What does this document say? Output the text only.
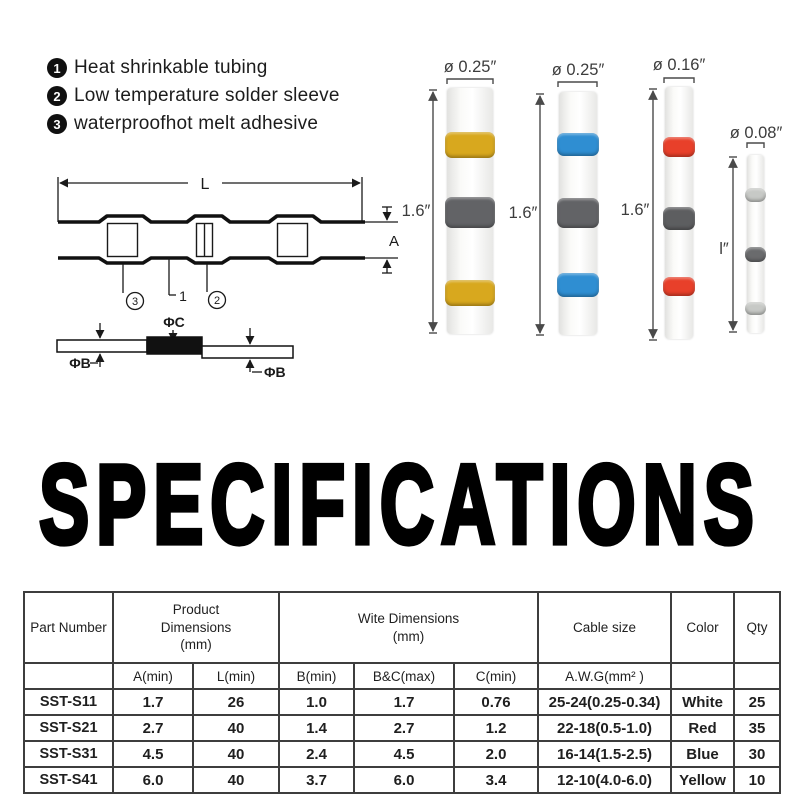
1 Heat shrinkable tubing
2 Low temperature solder sleeve
3 waterproofhot melt adhesive
L
A
3	1 2
ΦC
ΦB
ΦB
ø 0.25″
1.6″
ø 0.25″
1.6″
ø 0.16″
1.6″
ø 0.08″
l″
SPECIFICATIONS
Part Number	Product Dimensions (mm)		Wite Dimensions (mm)			Cable size	Color	Qty
	A(min)	L(min)	B(min)	B&C(max)	C(min)	A.W.G(mm² )		
SST-S11	1.7	26	1.0	1.7	0.76	25-24(0.25-0.34)	White	25
SST-S21	2.7	40	1.4	2.7	1.2	22-18(0.5-1.0)	Red	35
SST-S31	4.5	40	2.4	4.5	2.0	16-14(1.5-2.5)	Blue	30
SST-S41	6.0	40	3.7	6.0	3.4	12-10(4.0-6.0)	Yellow	10
